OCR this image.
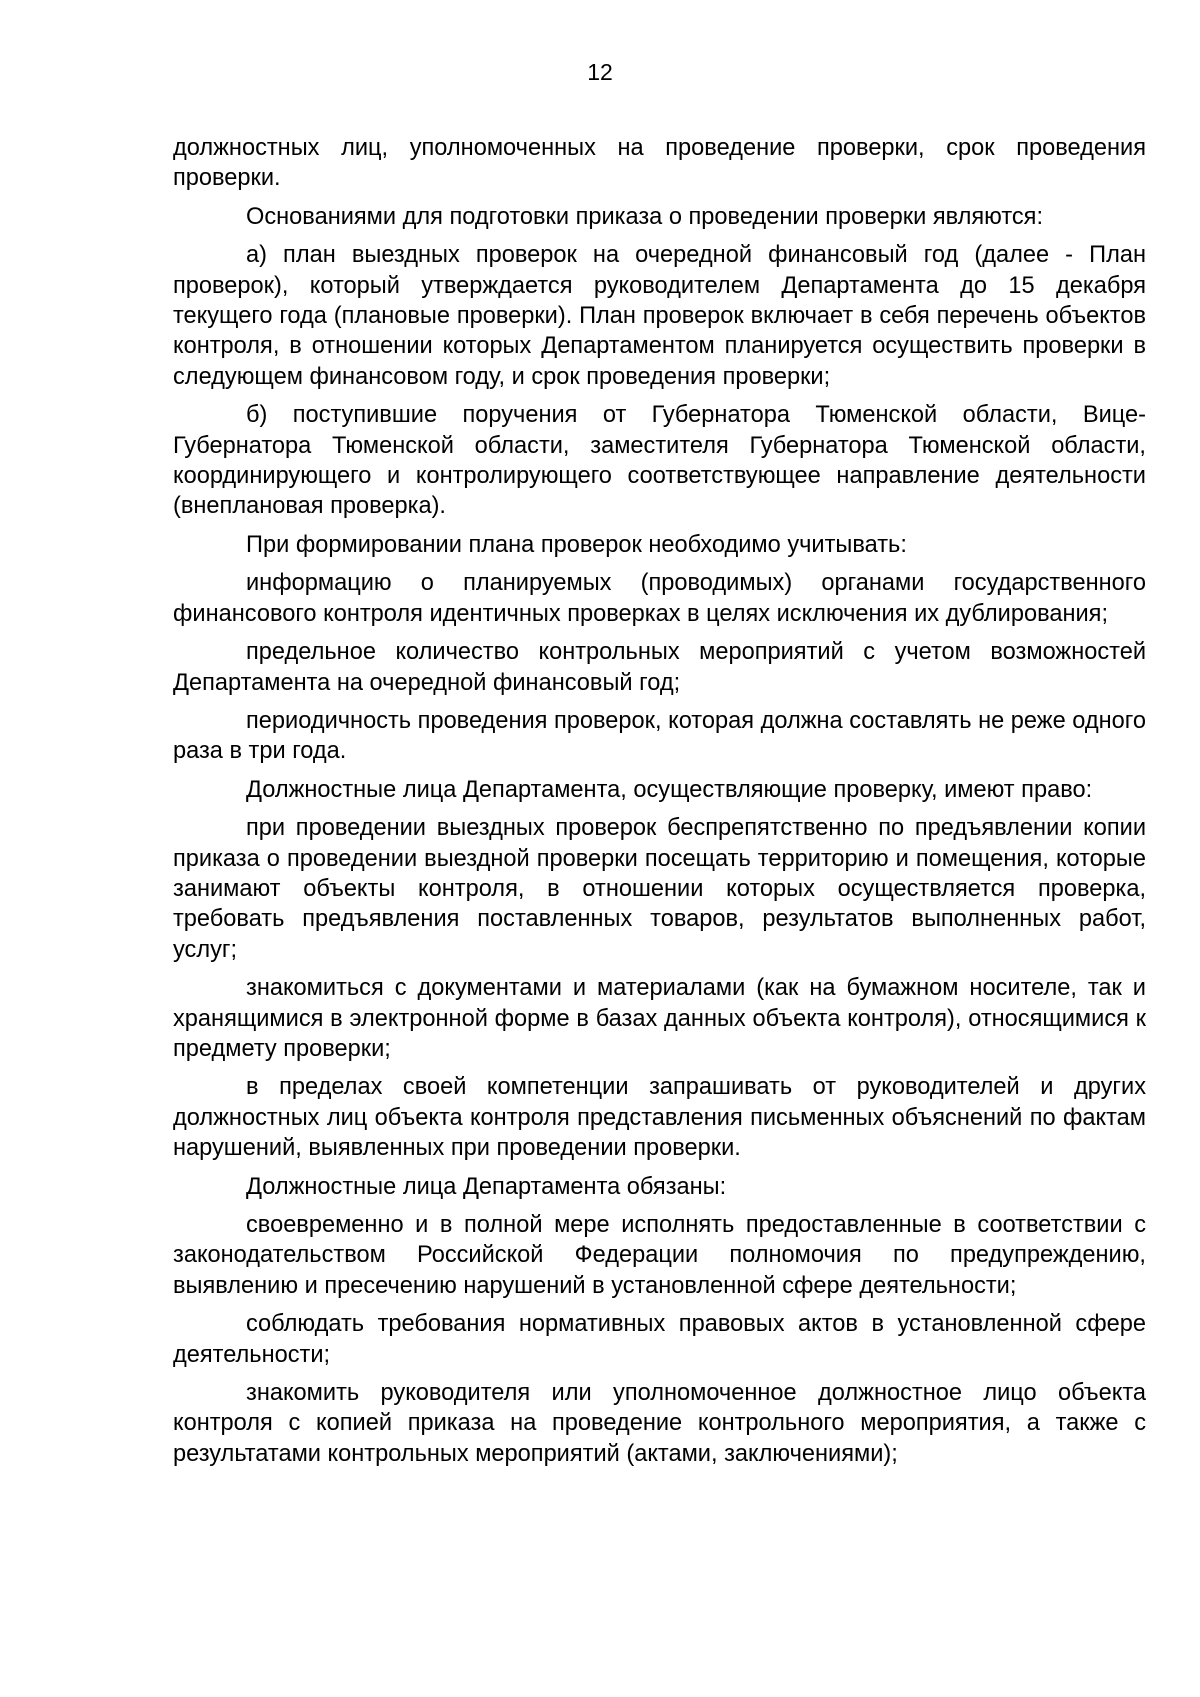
12

должностных лиц, уполномоченных на проведение проверки, срок проведения проверки.

Основаниями для подготовки приказа о проведении проверки являются:

а) план выездных проверок на очередной финансовый год (далее - План проверок), который утверждается руководителем Департамента до 15 декабря текущего года (плановые проверки). План проверок включает в себя перечень объектов контроля, в отношении которых Департаментом планируется осуществить проверки в следующем финансовом году, и срок проведения проверки;

б) поступившие поручения от Губернатора Тюменской области, Вице-Губернатора Тюменской области, заместителя Губернатора Тюменской области, координирующего и контролирующего соответствующее направление деятельности (внеплановая проверка).

При формировании плана проверок необходимо учитывать:

информацию о планируемых (проводимых) органами государственного финансового контроля идентичных проверках в целях исключения их дублирования;

предельное количество контрольных мероприятий с учетом возможностей Департамента на очередной финансовый год;

периодичность проведения проверок, которая должна составлять не реже одного раза в три года.

Должностные лица Департамента, осуществляющие проверку, имеют право:

при проведении выездных проверок беспрепятственно по предъявлении копии приказа о проведении выездной проверки посещать территорию и помещения, которые занимают объекты контроля, в отношении которых осуществляется проверка, требовать предъявления поставленных товаров, результатов выполненных работ, услуг;

знакомиться с документами и материалами (как на бумажном носителе, так и хранящимися в электронной форме в базах данных объекта контроля), относящимися к предмету проверки;

в пределах своей компетенции запрашивать от руководителей и других должностных лиц объекта контроля представления письменных объяснений по фактам нарушений, выявленных при проведении проверки.

Должностные лица Департамента обязаны:

своевременно и в полной мере исполнять предоставленные в соответствии с законодательством Российской Федерации полномочия по предупреждению, выявлению и пресечению нарушений в установленной сфере деятельности;

соблюдать требования нормативных правовых актов в установленной сфере деятельности;

знакомить руководителя или уполномоченное должностное лицо объекта контроля с копией приказа на проведение контрольного мероприятия, а также с результатами контрольных мероприятий (актами, заключениями);
